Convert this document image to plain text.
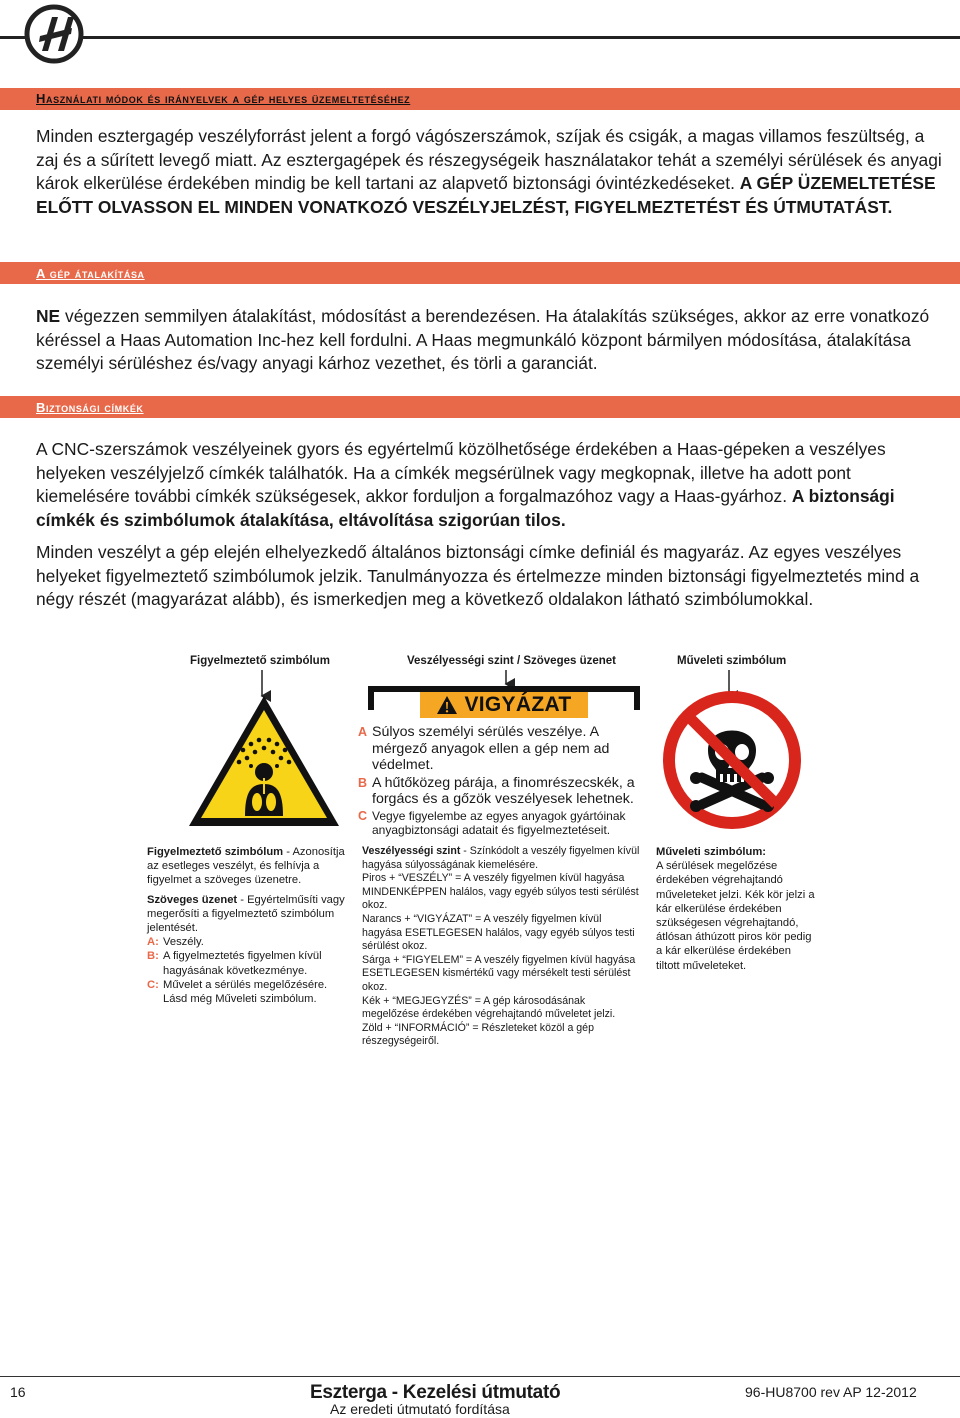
Használati módok és irányelvek a gép helyes üzemeltetéséhez

Minden esztergagép veszélyforrást jelent a forgó vágószerszámok, szíjak és csigák, a magas villamos feszültség, a zaj és a sűrített levegő miatt. Az esztergagépek és részegységeik használatakor tehát a személyi sérülések és anyagi károk elkerülése érdekében mindig be kell tartani az alapvető biztonsági óvintézkedéseket. A GÉP ÜZEMELTETÉSE ELŐTT OLVASSON EL MINDEN VONATKOZÓ VESZÉLYJELZÉST, FIGYELMEZTETÉST ÉS ÚTMUTATÁST.

A gép átalakítása

NE végezzen semmilyen átalakítást, módosítást a berendezésen. Ha átalakítás szükséges, akkor az erre vonatkozó kéréssel a Haas Automation Inc-hez kell fordulni. A Haas megmunkáló központ bármilyen módosítása, átalakítása személyi sérüléshez és/vagy anyagi kárhoz vezethet, és törli a garanciát.

Biztonsági címkék

A CNC-szerszámok veszélyeinek gyors és egyértelmű közölhetősége érdekében a Haas-gépeken a veszélyes helyeken veszélyjelző címkék találhatók. Ha a címkék megsérülnek vagy megkopnak, illetve ha adott pont kiemelésére további címkék szükségesek, akkor forduljon a forgalmazóhoz vagy a Haas-gyárhoz. A biztonsági címkék és szimbólumok átalakítása, eltávolítása szigorúan tilos.

Minden veszélyt a gép elején elhelyezkedő általános biztonsági címke definiál és magyaráz. Az egyes veszélyes helyeket figyelmeztető szimbólumok jelzik. Tanulmányozza és értelmezze minden biztonsági figyelmeztetés mind a négy részét (magyarázat alább), és ismerkedjen meg a következő oldalakon látható szimbólumokkal.

Figyelmeztető szimbólum	Veszélyességi szint / Szöveges üzenet	Műveleti szimbólum
VIGYÁZAT
A Súlyos személyi sérülés veszélye. A mérgező anyagok ellen a gép nem ad védelmet.
B A hűtőközeg párája, a finomrészecskék, a forgács és a gőzök veszélyesek lehetnek.
C Vegye figyelembe az egyes anyagok gyártóinak anyagbiztonsági adatait és figyelmeztetéseit.

Figyelmeztető szimbólum - Azonosítja az esetleges veszélyt, és felhívja a figyelmet a szöveges üzenetre.

Szöveges üzenet - Egyértelműsíti vagy megerősíti a figyelmeztető szimbólum jelentését.

A: Veszély.

B: A figyelmeztetés figyelmen kívül hagyásának következménye.

C: Művelet a sérülés megelőzésére. Lásd még Műveleti szimbólum.

Veszélyességi szint - Színkódolt a veszély figyelmen kívül hagyása súlyosságának kiemelésére.

Piros + “VESZÉLY” = A veszély figyelmen kívül hagyása MINDENKÉPPEN halálos, vagy egyéb súlyos testi sérülést okoz.

Narancs + “VIGYÁZAT” = A veszély figyelmen kívül hagyása ESETLEGESEN halálos, vagy egyéb súlyos testi sérülést okoz.

Sárga + “FIGYELEM” = A veszély figyelmen kívül hagyása ESETLEGESEN kismértékű vagy mérsékelt testi sérülést okoz.

Kék + “MEGJEGYZÉS” = A gép károsodásának megelőzése érdekében végrehajtandó műveletet jelzi.

Zöld + “INFORMÁCIÓ” = Részleteket közöl a gép részegységeiről.

Műveleti szimbólum:

A sérülések megelőzése érdekében végrehajtandó műveleteket jelzi. Kék kör jelzi a kár elkerülése érdekében szükségesen végrehajtandó, átlósan áthúzott piros kör pedig a kár elkerülése érdekében tiltott műveleteket.

16	Eszterga - Kezelési útmutató
Az eredeti útmutató fordítása
96-HU8700 rev AP 12-2012
